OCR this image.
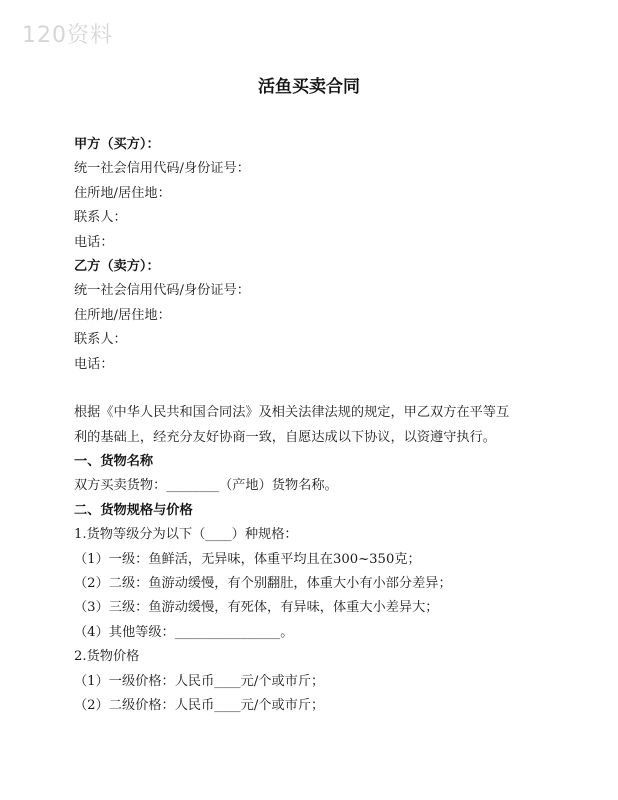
120资料
活鱼买卖合同
甲方（买方）：
统一社会信用代码/身份证号：
住所地/居住地：
联系人：
电话：
乙方（卖方）：
统一社会信用代码/身份证号：
住所地/居住地：
联系人：
电话：
根据《中华人民共和国合同法》及相关法律法规的规定，甲乙双方在平等互
利的基础上，经充分友好协商一致，自愿达成以下协议，以资遵守执行。
一、货物名称
双方买卖货物：________（产地）货物名称。
二、货物规格与价格
1.货物等级分为以下（____）种规格：
（1）一级：鱼鲜活，无异味，体重平均且在300~350克；
（2）二级：鱼游动缓慢，有个别翻肚，体重大小有小部分差异；
（3）三级：鱼游动缓慢，有死体，有异味，体重大小差异大；
（4）其他等级：________________。
2.货物价格
（1）一级价格：人民币____元/个或市斤；
（2）二级价格：人民币____元/个或市斤；
